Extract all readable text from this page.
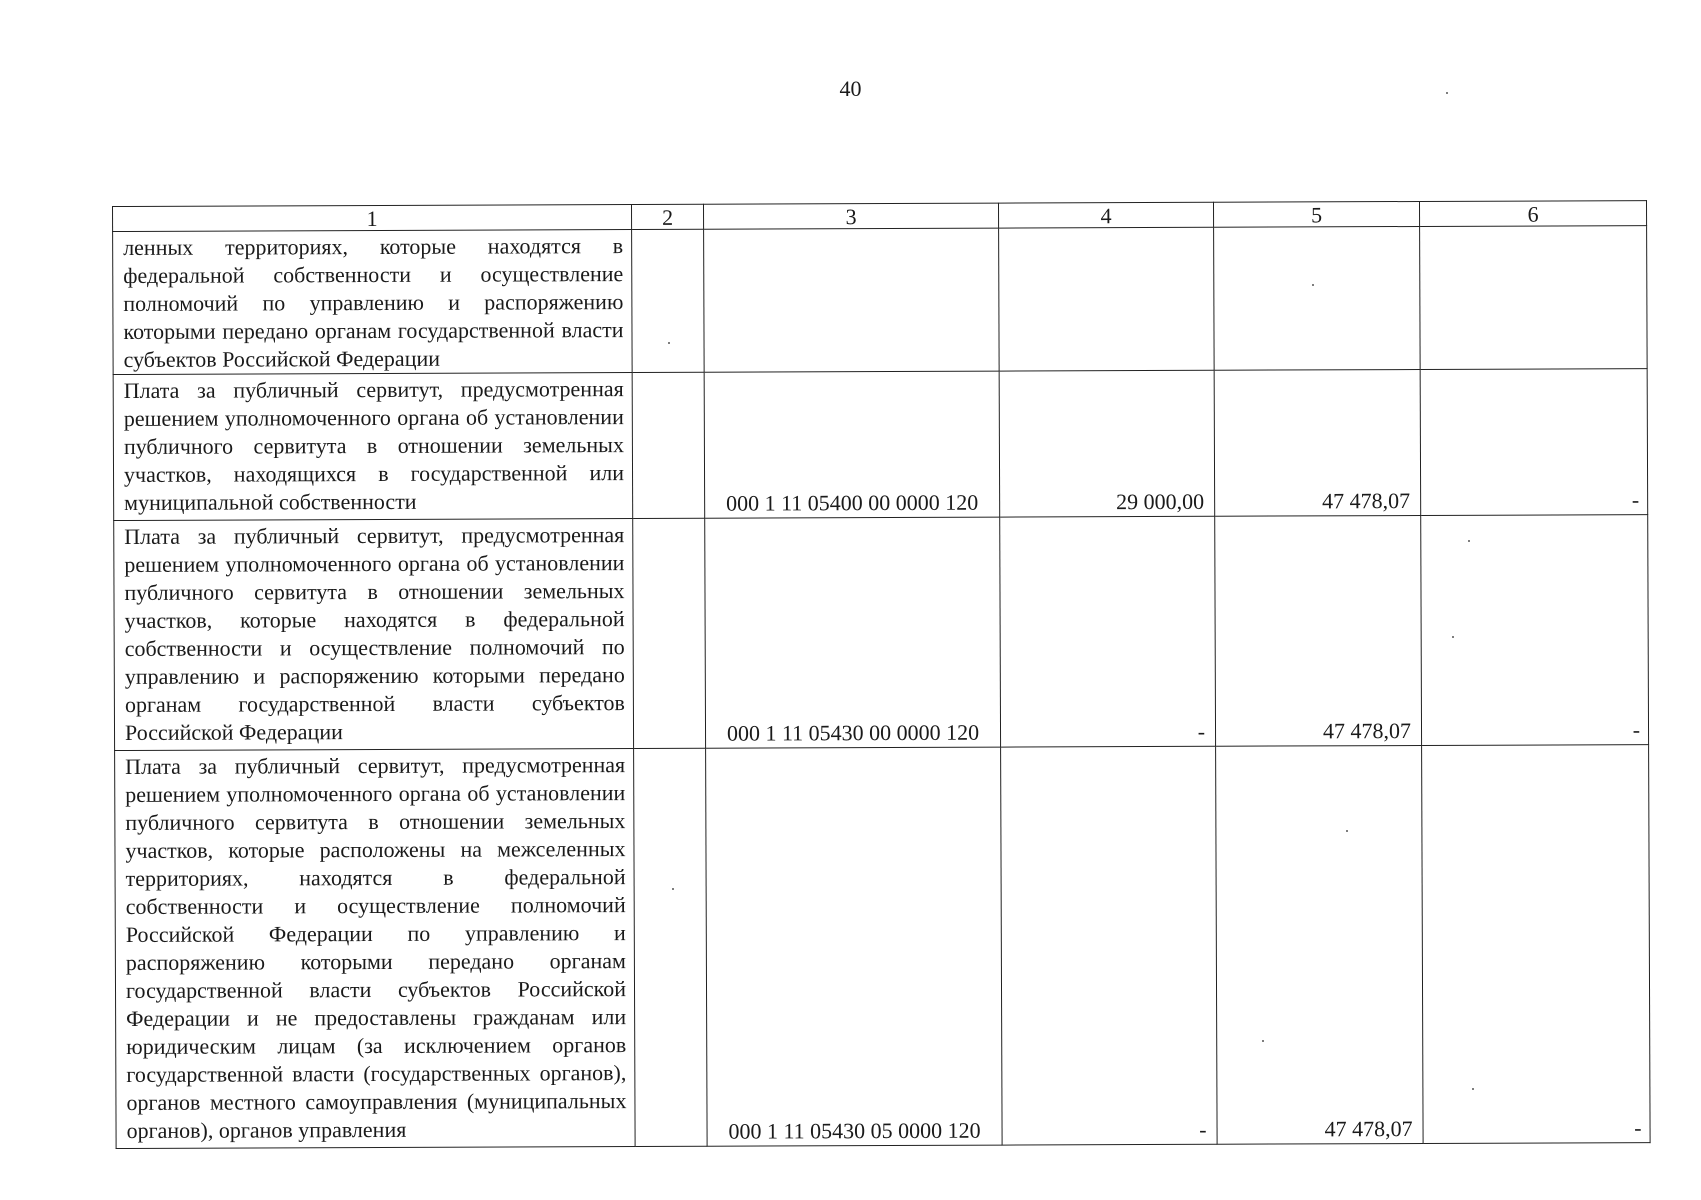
40
1	2	3	4	5	6
ленных территориях, которые находятся в федеральной собственности и осуществление полномочий по управлению и распоряжению которыми передано органам государственной власти субъектов Российской Федерации					
Плата за публичный сервитут, предусмотренная решением уполномоченного органа об установлении публичного сервитута в отношении земельных участков, находящихся в государственной или муниципальной собственности		000 1 11 05400 00 0000 120	29 000,00	47 478,07	-
Плата за публичный сервитут, предусмотренная решением уполномоченного органа об установлении публичного сервитута в отношении земельных участков, которые находятся в федеральной собственности и осуществление полномочий по управлению и распоряжению которыми передано органам государственной власти субъектов Российской Федерации		000 1 11 05430 00 0000 120	-	47 478,07	-
Плата за публичный сервитут, предусмотренная решением уполномоченного органа об установлении публичного сервитута в отношении земельных участков, которые расположены на межселенных территориях, находятся в федеральной собственности и осуществление полномочий Российской Федерации по управлению и распоряжению которыми передано органам государственной власти субъектов Российской Федерации и не предоставлены гражданам или юридическим лицам (за исключением органов государственной власти (государственных органов), органов местного самоуправления (муниципальных органов), органов управления		000 1 11 05430 05 0000 120	-	47 478,07	-
